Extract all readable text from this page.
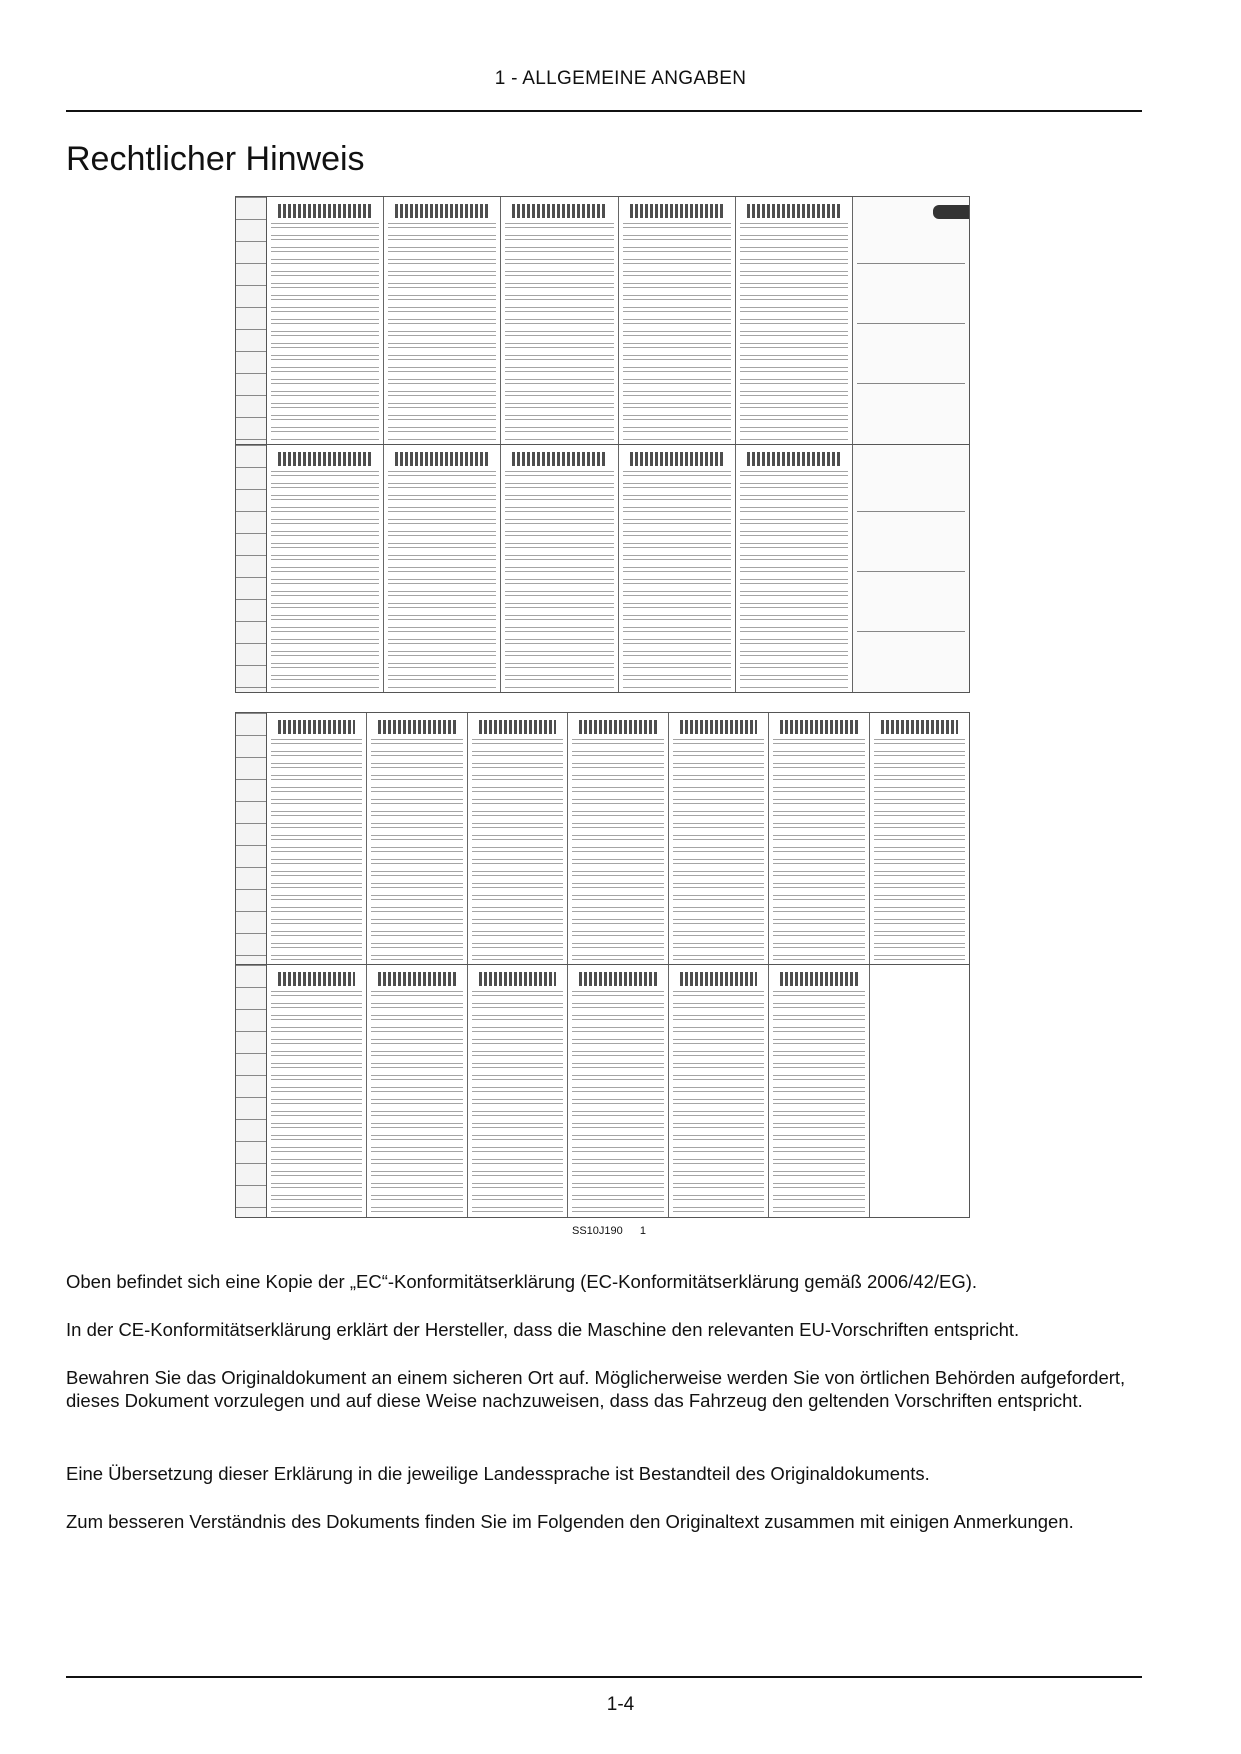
1 - ALLGEMEINE ANGABEN
Rechtlicher Hinweis
SS10J190 1

Oben befindet sich eine Kopie der „EC“-Konformitätserklärung (EC-Konformitätserklärung gemäß 2006/42/EG).

In der CE-Konformitätserklärung erklärt der Hersteller, dass die Maschine den relevanten EU-Vorschriften entspricht.

Bewahren Sie das Originaldokument an einem sicheren Ort auf. Möglicherweise werden Sie von örtlichen Behörden aufgefordert, dieses Dokument vorzulegen und auf diese Weise nachzuweisen, dass das Fahrzeug den geltenden Vorschriften entspricht.

Eine Übersetzung dieser Erklärung in die jeweilige Landessprache ist Bestandteil des Originaldokuments.

Zum besseren Verständnis des Dokuments finden Sie im Folgenden den Originaltext zusammen mit einigen Anmerkungen.

1-4
